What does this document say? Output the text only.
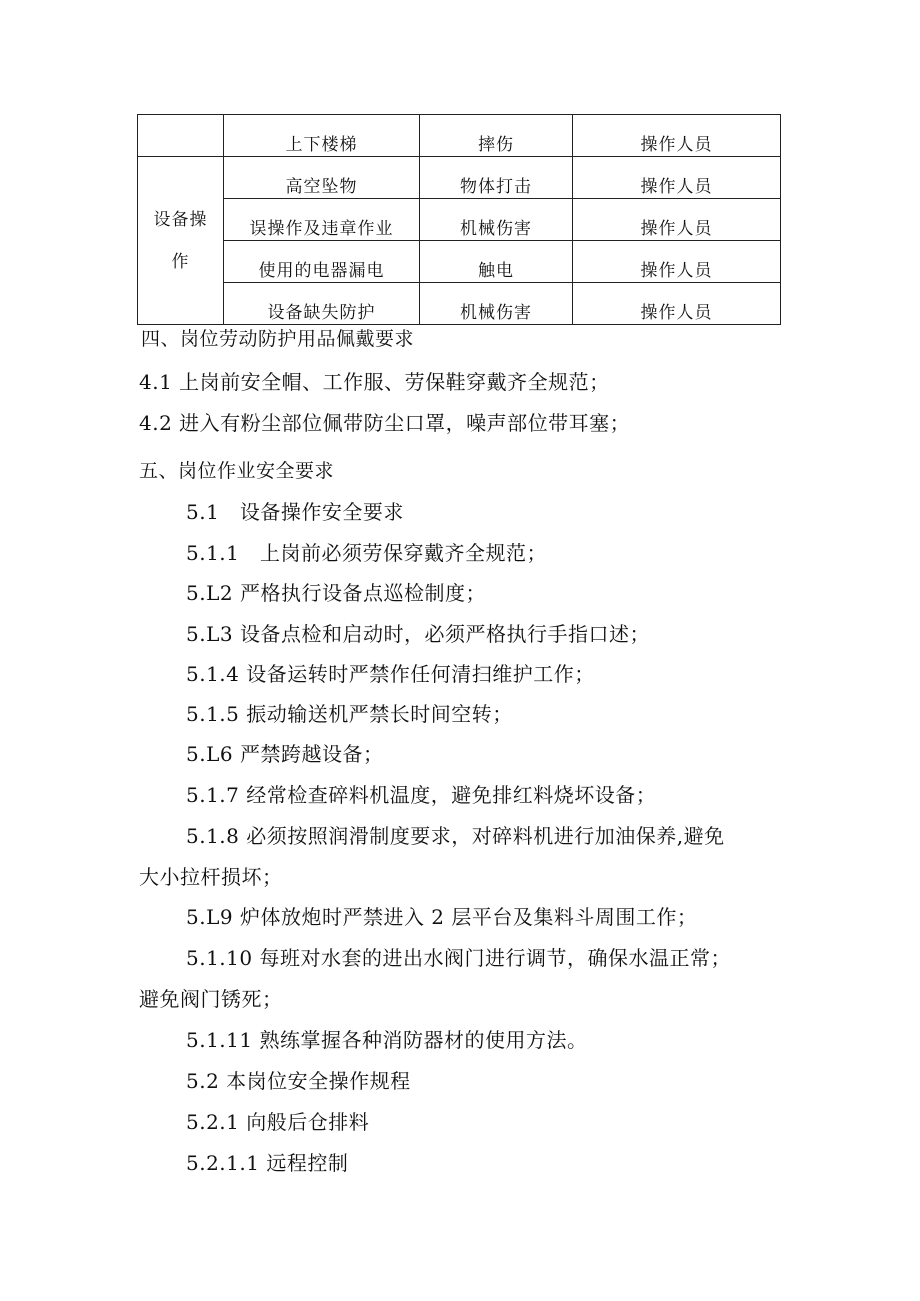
	上下楼梯	摔伤	操作人员
设备操作	高空坠物	物体打击	操作人员
	误操作及违章作业	机械伤害	操作人员
	使用的电器漏电	触电	操作人员
	设备缺失防护	机械伤害	操作人员
四、岗位劳动防护用品佩戴要求
4.1 上岗前安全帽、工作服、劳保鞋穿戴齐全规范；
4.2 进入有粉尘部位佩带防尘口罩，噪声部位带耳塞；
五、岗位作业安全要求
5.1   设备操作安全要求
5.1.1   上岗前必须劳保穿戴齐全规范；
5.L2 严格执行设备点巡检制度；
5.L3 设备点检和启动时，必须严格执行手指口述；
5.1.4 设备运转时严禁作任何清扫维护工作；
5.1.5 振动输送机严禁长时间空转；
5.L6 严禁跨越设备；
5.1.7 经常检查碎料机温度，避免排红料烧坏设备；
5.1.8 必须按照润滑制度要求，对碎料机进行加油保养,避免
大小拉杆损坏；
5.L9 炉体放炮时严禁进入 2 层平台及集料斗周围工作；
5.1.10 每班对水套的进出水阀门进行调节，确保水温正常；
避免阀门锈死；
5.1.11 熟练掌握各种消防器材的使用方法。
5.2 本岗位安全操作规程
5.2.1 向般后仓排料
5.2.1.1 远程控制
